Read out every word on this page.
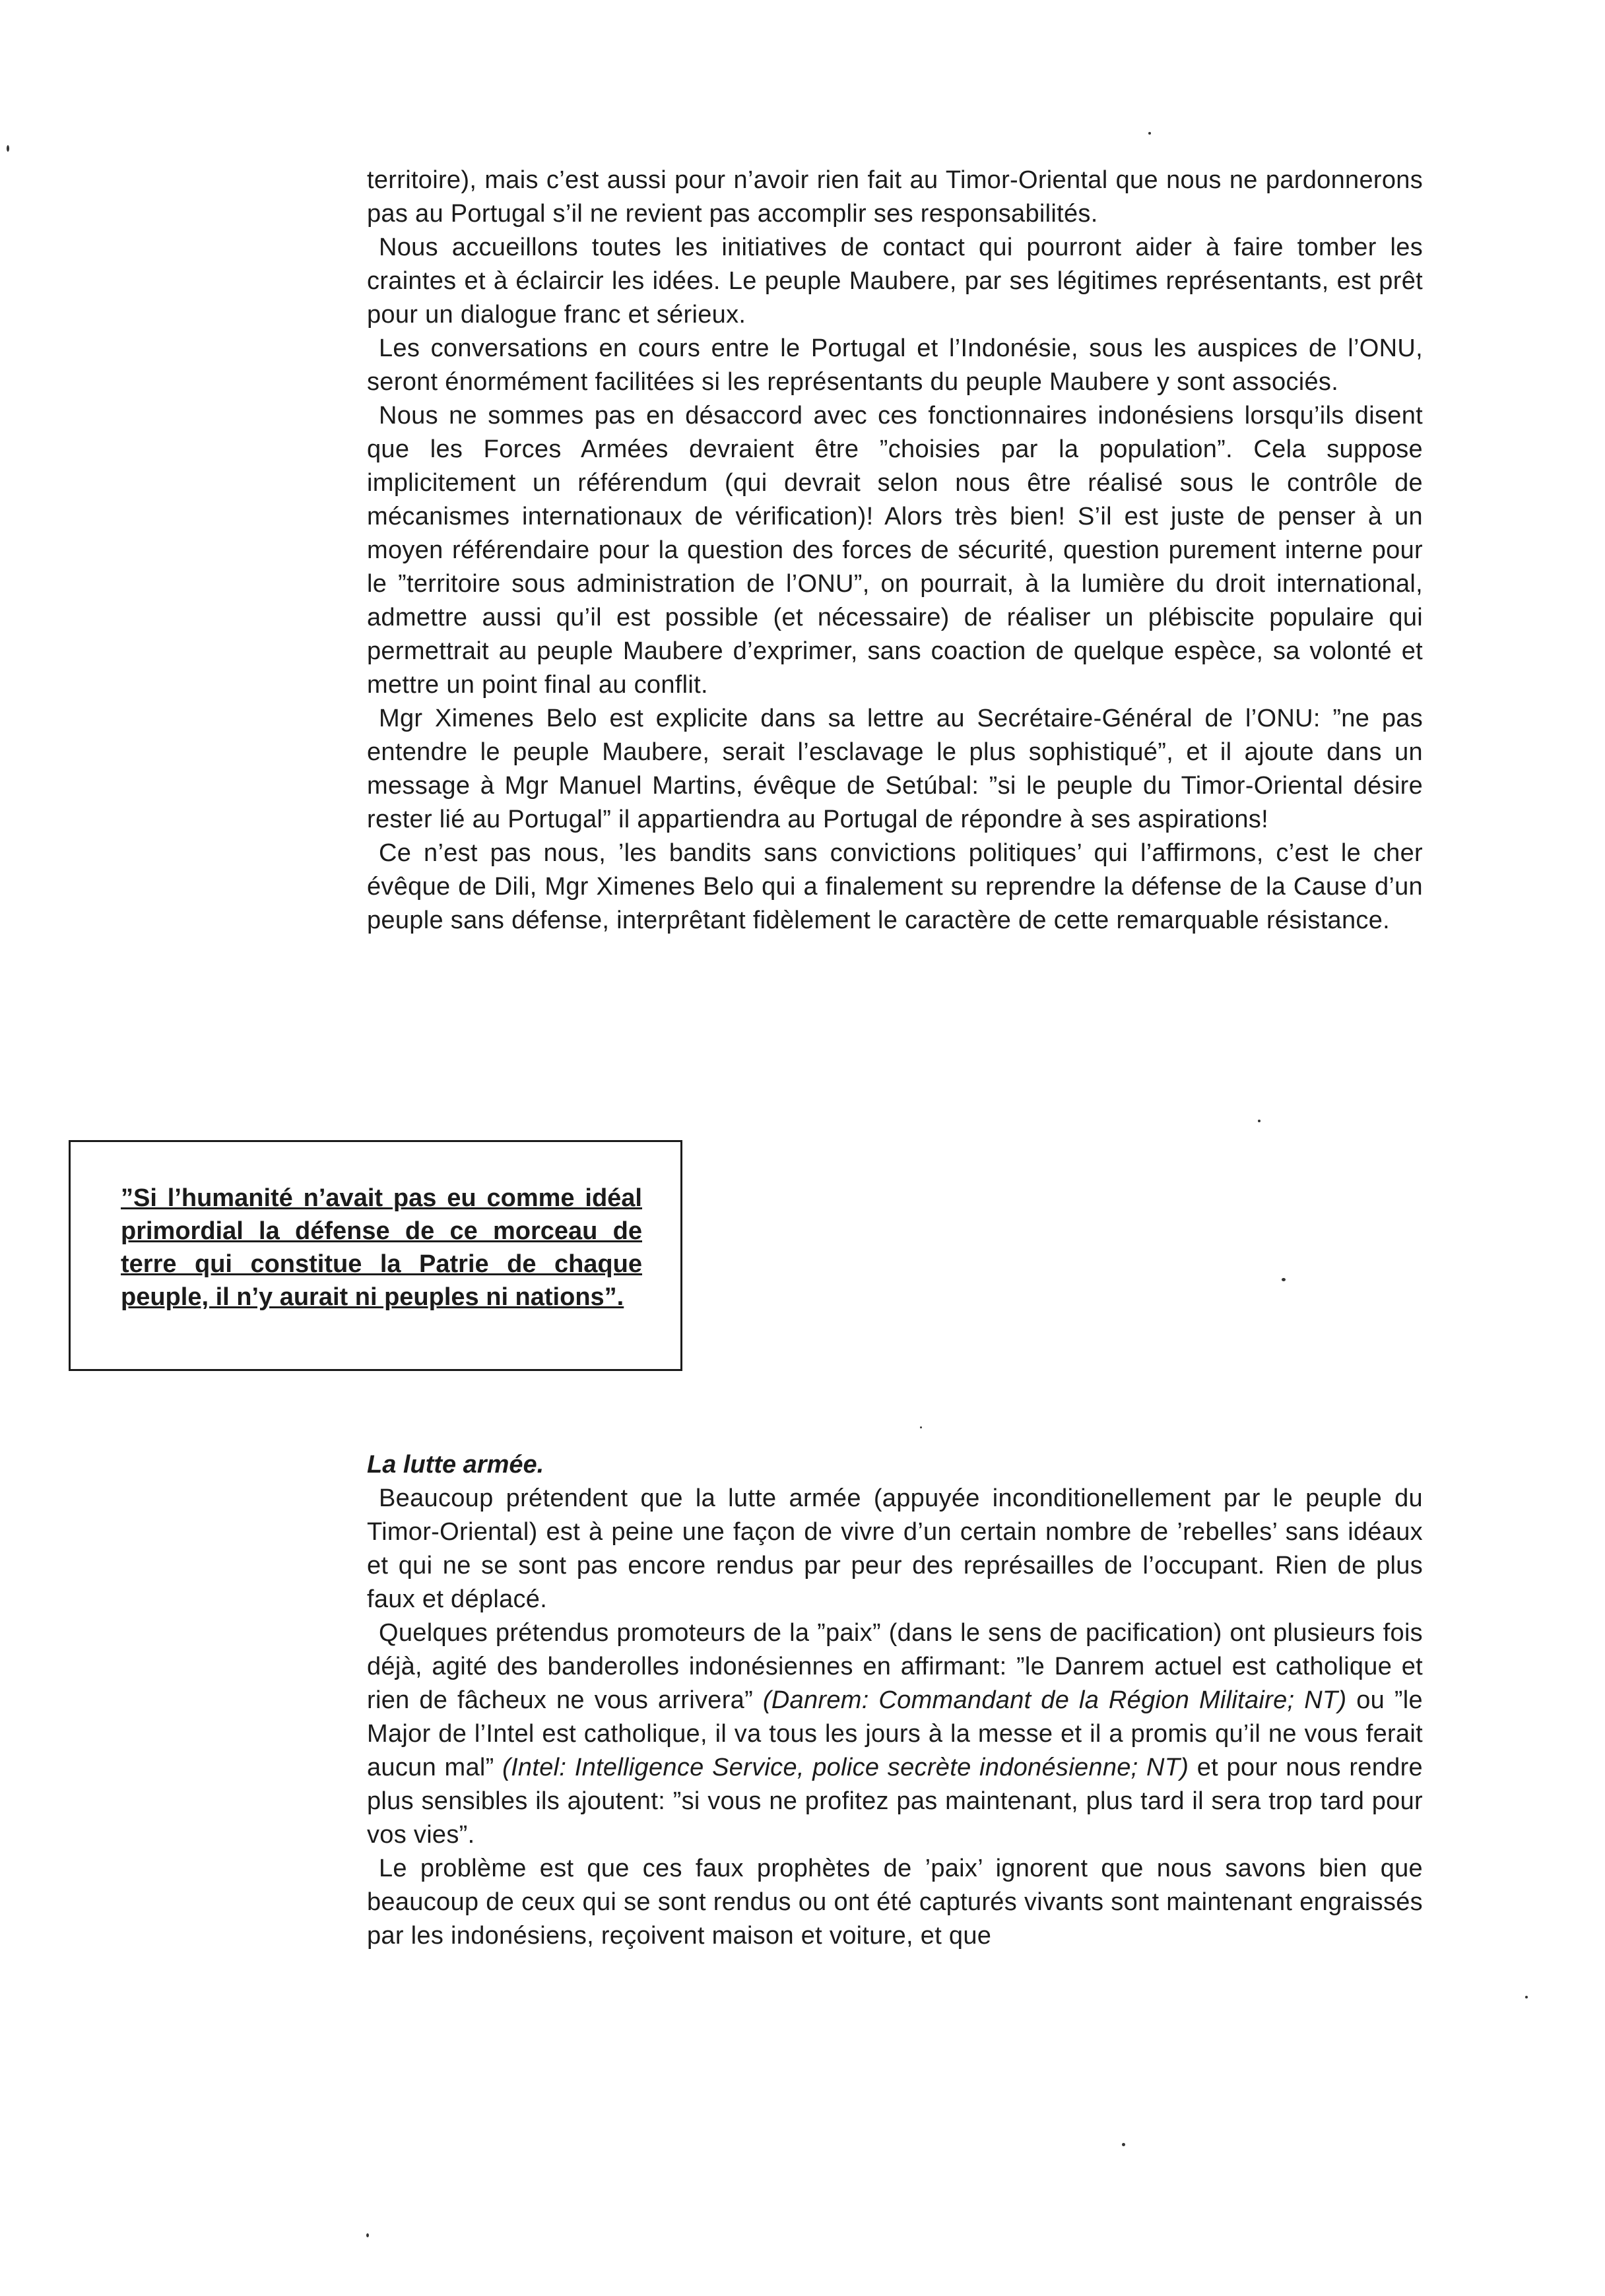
territoire), mais c’est aussi pour n’avoir rien fait au Timor-Oriental que nous ne pardonnerons pas au Portugal s’il ne revient pas accomplir ses responsabilités.

Nous accueillons toutes les initiatives de contact qui pourront aider à faire tomber les craintes et à éclaircir les idées. Le peuple Maubere, par ses légitimes représentants, est prêt pour un dialogue franc et sérieux.

Les conversations en cours entre le Portugal et l’Indonésie, sous les auspices de l’ONU, seront énormément facilitées si les représentants du peuple Maubere y sont associés.

Nous ne sommes pas en désaccord avec ces fonctionnaires indonésiens lorsqu’ils disent que les Forces Armées devraient être ”choisies par la population”. Cela suppose implicitement un référendum (qui devrait selon nous être réalisé sous le contrôle de mécanismes internationaux de vérification)! Alors très bien! S’il est juste de penser à un moyen référendaire pour la question des forces de sécurité, question purement interne pour le ”territoire sous administration de l’ONU”, on pourrait, à la lumière du droit international, admettre aussi qu’il est possible (et nécessaire) de réaliser un plébiscite populaire qui permettrait au peuple Maubere d’exprimer, sans coaction de quelque espèce, sa volonté et mettre un point final au conflit.

Mgr Ximenes Belo est explicite dans sa lettre au Secrétaire-Général de l’ONU: ”ne pas entendre le peuple Maubere, serait l’esclavage le plus sophistiqué”, et il ajoute dans un message à Mgr Manuel Martins, évêque de Setúbal: ”si le peuple du Timor-Oriental désire rester lié au Portugal” il appartiendra au Portugal de répondre à ses aspirations!

Ce n’est pas nous, ’les bandits sans convictions politiques’ qui l’affirmons, c’est le cher évêque de Dili, Mgr Ximenes Belo qui a finalement su reprendre la défense de la Cause d’un peuple sans défense, interprêtant fidèlement le caractère de cette remarquable résistance.

”Si l’humanité n’avait pas eu comme idéal primordial la défense de ce morceau de terre qui constitue la Patrie de chaque peuple, il n’y aurait ni peuples ni nations”.

La lutte armée.

Beaucoup prétendent que la lutte armée (appuyée inconditionellement par le peuple du Timor-Oriental) est à peine une façon de vivre d’un certain nombre de ’rebelles’ sans idéaux et qui ne se sont pas encore rendus par peur des représailles de l’occupant. Rien de plus faux et déplacé.

Quelques prétendus promoteurs de la ”paix” (dans le sens de pacification) ont plusieurs fois déjà, agité des banderolles indonésiennes en affirmant: ”le Danrem actuel est catholique et rien de fâcheux ne vous arrivera” (Danrem: Commandant de la Région Militaire; NT) ou ”le Major de l’Intel est catholique, il va tous les jours à la messe et il a promis qu’il ne vous ferait aucun mal” (Intel: Intelligence Service, police secrète indonésienne; NT) et pour nous rendre plus sensibles ils ajoutent: ”si vous ne profitez pas maintenant, plus tard il sera trop tard pour vos vies”.

Le problème est que ces faux prophètes de ’paix’ ignorent que nous savons bien que beaucoup de ceux qui se sont rendus ou ont été capturés vivants sont maintenant engraissés par les indonésiens, reçoivent maison et voiture, et que
